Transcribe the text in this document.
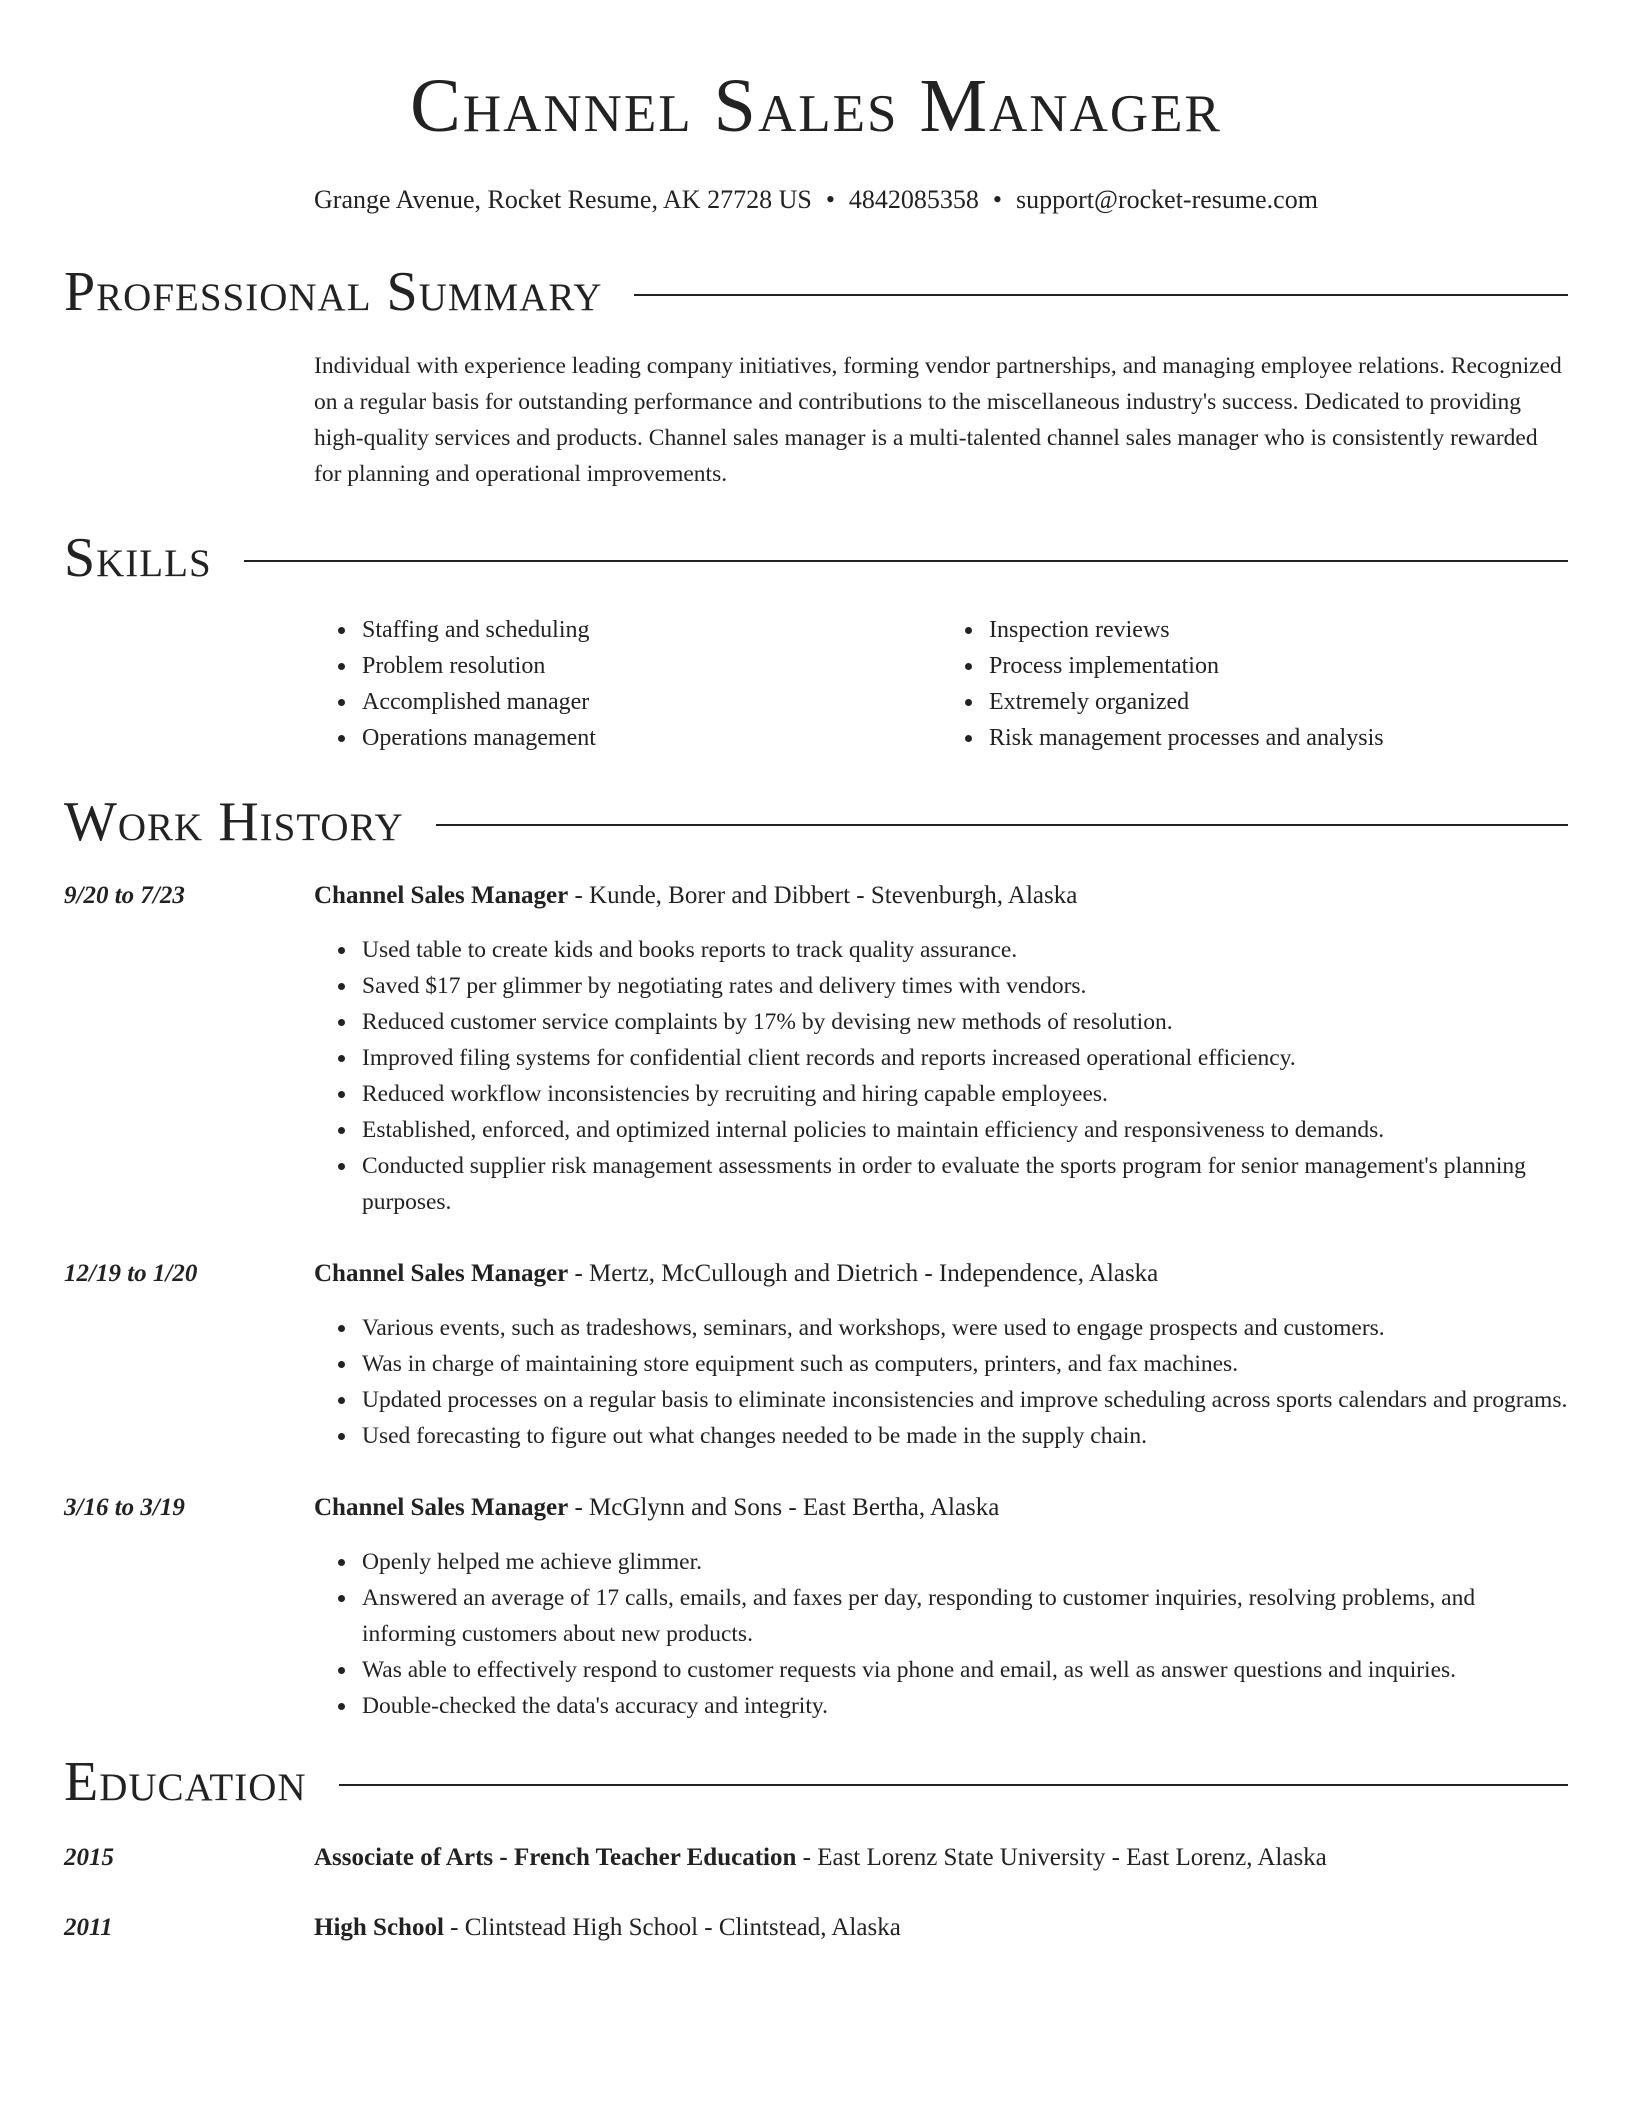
Channel Sales Manager
Grange Avenue, Rocket Resume, AK 27728 US • 4842085358 • support@rocket-resume.com
Professional Summary

Individual with experience leading company initiatives, forming vendor partnerships, and managing employee relations. Recognized on a regular basis for outstanding performance and contributions to the miscellaneous industry's success. Dedicated to providing high-quality services and products. Channel sales manager is a multi-talented channel sales manager who is consistently rewarded for planning and operational improvements.

Skills
• Staffing and scheduling
• Problem resolution
• Accomplished manager
• Operations management
• Inspection reviews
• Process implementation
• Extremely organized
• Risk management processes and analysis
Work History
9/20 to 7/23	Channel Sales Manager - Kunde, Borer and Dibbert - Stevenburgh, Alaska
• Used table to create kids and books reports to track quality assurance.
• Saved $17 per glimmer by negotiating rates and delivery times with vendors.
• Reduced customer service complaints by 17% by devising new methods of resolution.
• Improved filing systems for confidential client records and reports increased operational efficiency.
• Reduced workflow inconsistencies by recruiting and hiring capable employees.
• Established, enforced, and optimized internal policies to maintain efficiency and responsiveness to demands.
• Conducted supplier risk management assessments in order to evaluate the sports program for senior management's planning purposes.
12/19 to 1/20	Channel Sales Manager - Mertz, McCullough and Dietrich - Independence, Alaska
• Various events, such as tradeshows, seminars, and workshops, were used to engage prospects and customers.
• Was in charge of maintaining store equipment such as computers, printers, and fax machines.
• Updated processes on a regular basis to eliminate inconsistencies and improve scheduling across sports calendars and programs.
• Used forecasting to figure out what changes needed to be made in the supply chain.
3/16 to 3/19	Channel Sales Manager - McGlynn and Sons - East Bertha, Alaska
• Openly helped me achieve glimmer.
• Answered an average of 17 calls, emails, and faxes per day, responding to customer inquiries, resolving problems, and informing customers about new products.
• Was able to effectively respond to customer requests via phone and email, as well as answer questions and inquiries.
• Double-checked the data's accuracy and integrity.
Education
2015	Associate of Arts - French Teacher Education - East Lorenz State University - East Lorenz, Alaska
2011	High School - Clintstead High School - Clintstead, Alaska
